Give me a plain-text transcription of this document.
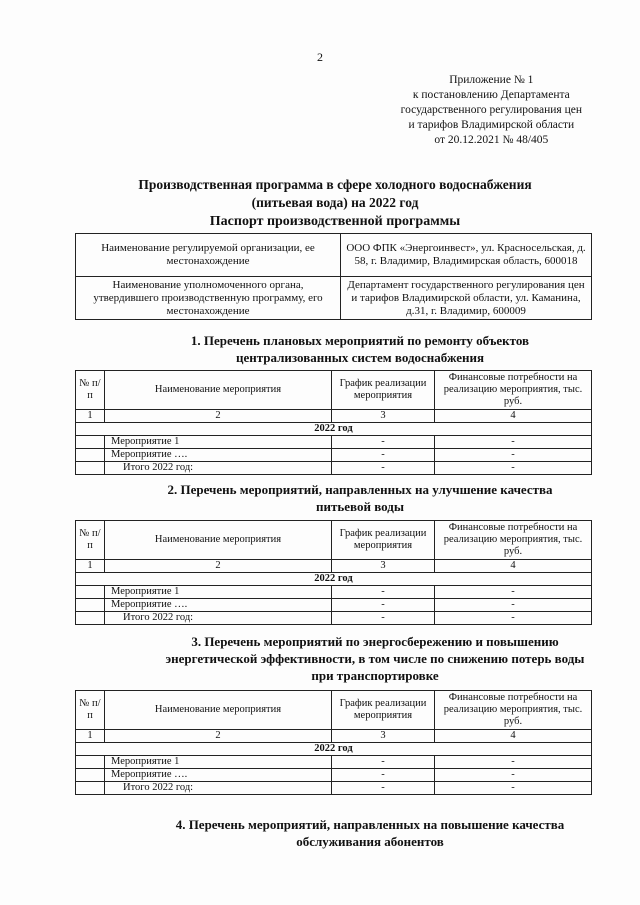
2
Приложение № 1
к постановлению Департамента
государственного регулирования цен
и тарифов Владимирской области
от 20.12.2021 № 48/405
Производственная программа в сфере холодного водоснабжения
(питьевая вода) на 2022 год
Паспорт производственной программы
Наименование регулируемой организации, ее местонахождение	ООО ФПК «Энергоинвест», ул. Красносельская, д. 58, г. Владимир, Владимирская область, 600018
Наименование уполномоченного органа, утвердившего производственную программу, его местонахождение	Департамент государственного регулирования цен и тарифов Владимирской области, ул. Каманина, д.31, г. Владимир, 600009
1. Перечень плановых мероприятий по ремонту объектов
централизованных систем водоснабжения
№ п/п	Наименование мероприятия	График реализации мероприятия	Финансовые потребности на реализацию мероприятия, тыс. руб.
1	2	3	4
2022 год			
	Мероприятие 1	-	-
	Мероприятие ….	-	-
	Итого 2022 год:	-	-
2. Перечень мероприятий, направленных на улучшение качества
питьевой воды
№ п/п	Наименование мероприятия	График реализации мероприятия	Финансовые потребности на реализацию мероприятия, тыс. руб.
1	2	3	4
2022 год			
	Мероприятие 1	-	-
	Мероприятие ….	-	-
	Итого 2022 год:	-	-
3. Перечень мероприятий по энергосбережению и повышению
энергетической эффективности, в том числе по снижению потерь воды
при транспортировке
№ п/п	Наименование мероприятия	График реализации мероприятия	Финансовые потребности на реализацию мероприятия, тыс. руб.
1	2	3	4
2022 год			
	Мероприятие 1	-	-
	Мероприятие ….	-	-
	Итого 2022 год:	-	-
4. Перечень мероприятий, направленных на повышение качества
обслуживания абонентов
